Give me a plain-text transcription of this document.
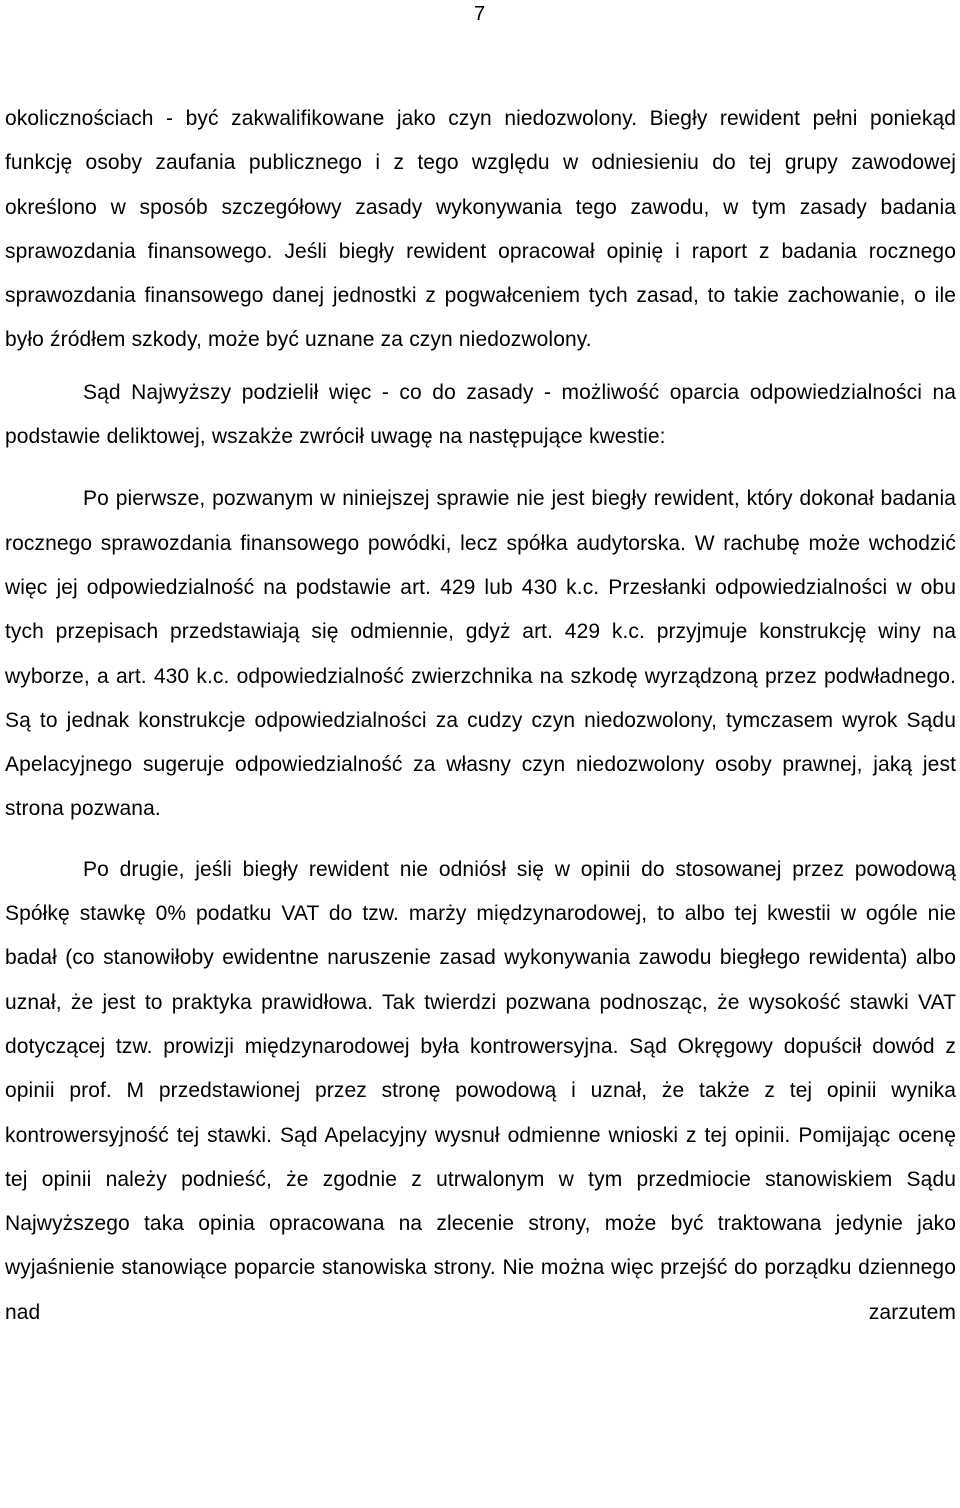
7

okolicznościach - być zakwalifikowane jako czyn niedozwolony. Biegły rewident pełni poniekąd funkcję osoby zaufania publicznego i z tego względu w odniesieniu do tej grupy zawodowej określono w sposób szczegółowy zasady wykonywania tego zawodu, w tym zasady badania sprawozdania finansowego. Jeśli biegły rewident opracował opinię i raport z badania rocznego sprawozdania finansowego danej jednostki z pogwałceniem tych zasad, to takie zachowanie, o ile było źródłem szkody, może być uznane za czyn niedozwolony.

Sąd Najwyższy podzielił więc - co do zasady - możliwość oparcia odpowiedzialności na podstawie deliktowej, wszakże zwrócił uwagę na następujące kwestie:

Po pierwsze, pozwanym w niniejszej sprawie nie jest biegły rewident, który dokonał badania rocznego sprawozdania finansowego powódki, lecz spółka audytorska. W rachubę może wchodzić więc jej odpowiedzialność na podstawie art. 429 lub 430 k.c. Przesłanki odpowiedzialności w obu tych przepisach przedstawiają się odmiennie, gdyż art. 429 k.c. przyjmuje konstrukcję winy na wyborze, a art. 430 k.c. odpowiedzialność zwierzchnika na szkodę wyrządzoną przez podwładnego. Są to jednak konstrukcje odpowiedzialności za cudzy czyn niedozwolony, tymczasem wyrok Sądu Apelacyjnego sugeruje odpowiedzialność za własny czyn niedozwolony osoby prawnej, jaką jest strona pozwana.

Po drugie, jeśli biegły rewident nie odniósł się w opinii do stosowanej przez powodową Spółkę stawkę 0% podatku VAT do tzw. marży międzynarodowej, to albo tej kwestii w ogóle nie badał (co stanowiłoby ewidentne naruszenie zasad wykonywania zawodu biegłego rewidenta) albo uznał, że jest to praktyka prawidłowa. Tak twierdzi pozwana podnosząc, że wysokość stawki VAT dotyczącej tzw. prowizji międzynarodowej była kontrowersyjna. Sąd Okręgowy dopuścił dowód z opinii prof. M przedstawionej przez stronę powodową i uznał, że także z tej opinii wynika kontrowersyjność tej stawki. Sąd Apelacyjny wysnuł odmienne wnioski z tej opinii. Pomijając ocenę tej opinii należy podnieść, że zgodnie z utrwalonym w tym przedmiocie stanowiskiem Sądu Najwyższego taka opinia opracowana na zlecenie strony, może być traktowana jedynie jako wyjaśnienie stanowiące poparcie stanowiska strony. Nie można więc przejść do porządku dziennego nad zarzutem
